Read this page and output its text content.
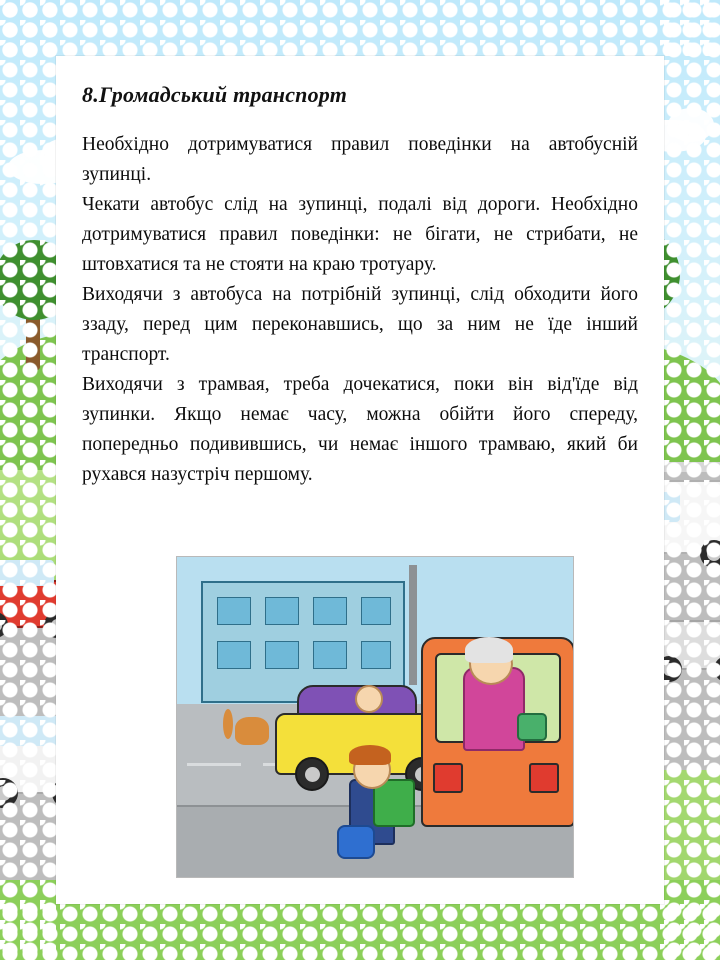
8.Громадський транспорт

Необхідно дотримуватися правил поведінки на автобусній зупинці.

Чекати автобус слід на зупинці, подалі від дороги. Необхідно дотримуватися правил поведінки: не бігати, не стрибати, не штовхатися та не стояти на краю тротуару.

Виходячи з автобуса на потрібній зупинці, слід обходити його ззаду, перед цим переконавшись, що за ним не їде інший транспорт.

Виходячи з трамвая, треба дочекатися, поки він від'їде від зупинки. Якщо немає часу, можна обійти його спереду, попередньо подивившись, чи немає іншого трамваю, який би рухався назустріч першому.
